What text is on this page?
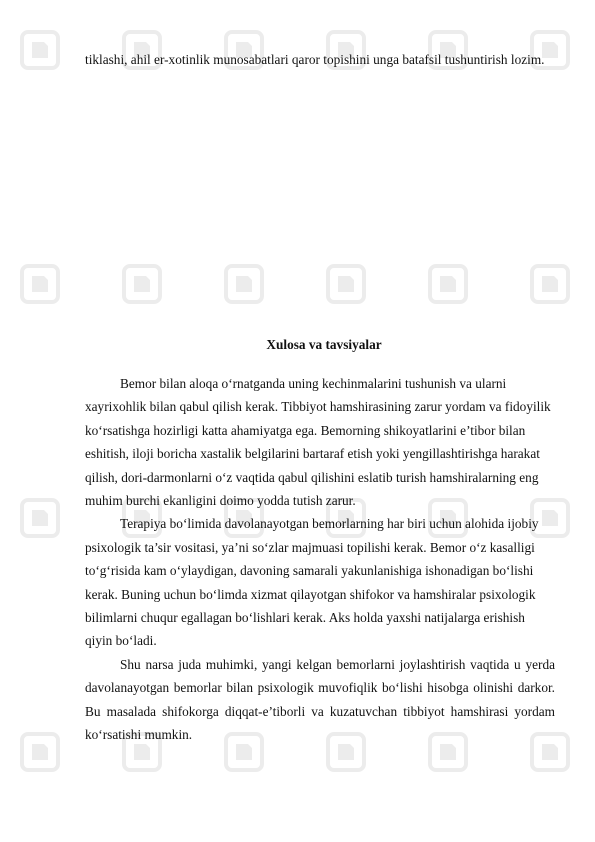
tiklashi, ahil er-xotinlik munosabatlari qaror topishini unga batafsil tushuntirish lozim.

Xulosa va tavsiyalar

Bemor bilan aloqa o‘rnatganda uning kechinmalarini tushunish va ularni xayrixohlik bilan qabul qilish kerak. Tibbiyot hamshirasining zarur yordam va fidoyilik ko‘rsatishga hozirligi katta ahamiyatga ega. Bemorning shikoyatlarini e’tibor bilan eshitish, iloji boricha xastalik belgilarini bartaraf etish yoki yengillashtirishga harakat qilish, dori-darmonlarni o‘z vaqtida qabul qilishini eslatib turish hamshiralarning eng muhim burchi ekanligini doimo yodda tutish zarur.

Terapiya bo‘limida davolanayotgan bemorlarning har biri uchun alohida ijobiy psixologik ta’sir vositasi, ya’ni so‘zlar majmuasi topilishi kerak. Bemor o‘z kasalligi to‘g‘risida kam o‘ylaydigan, davoning samarali yakunlanishiga ishonadigan bo‘lishi kerak. Buning uchun bo‘limda xizmat qilayotgan shifokor va hamshiralar psixologik bilimlarni chuqur egallagan bo‘lishlari kerak. Aks holda yaxshi natijalarga erishish qiyin bo‘ladi.

Shu narsa juda muhimki, yangi kelgan bemorlarni joylashtirish vaqtida u yerda davolanayotgan bemorlar bilan psixologik muvofiqlik bo‘lishi hisobga olinishi darkor. Bu masalada shifokorga diqqat-e’tiborli va kuzatuvchan tibbiyot hamshirasi yordam ko‘rsatishi mumkin.
